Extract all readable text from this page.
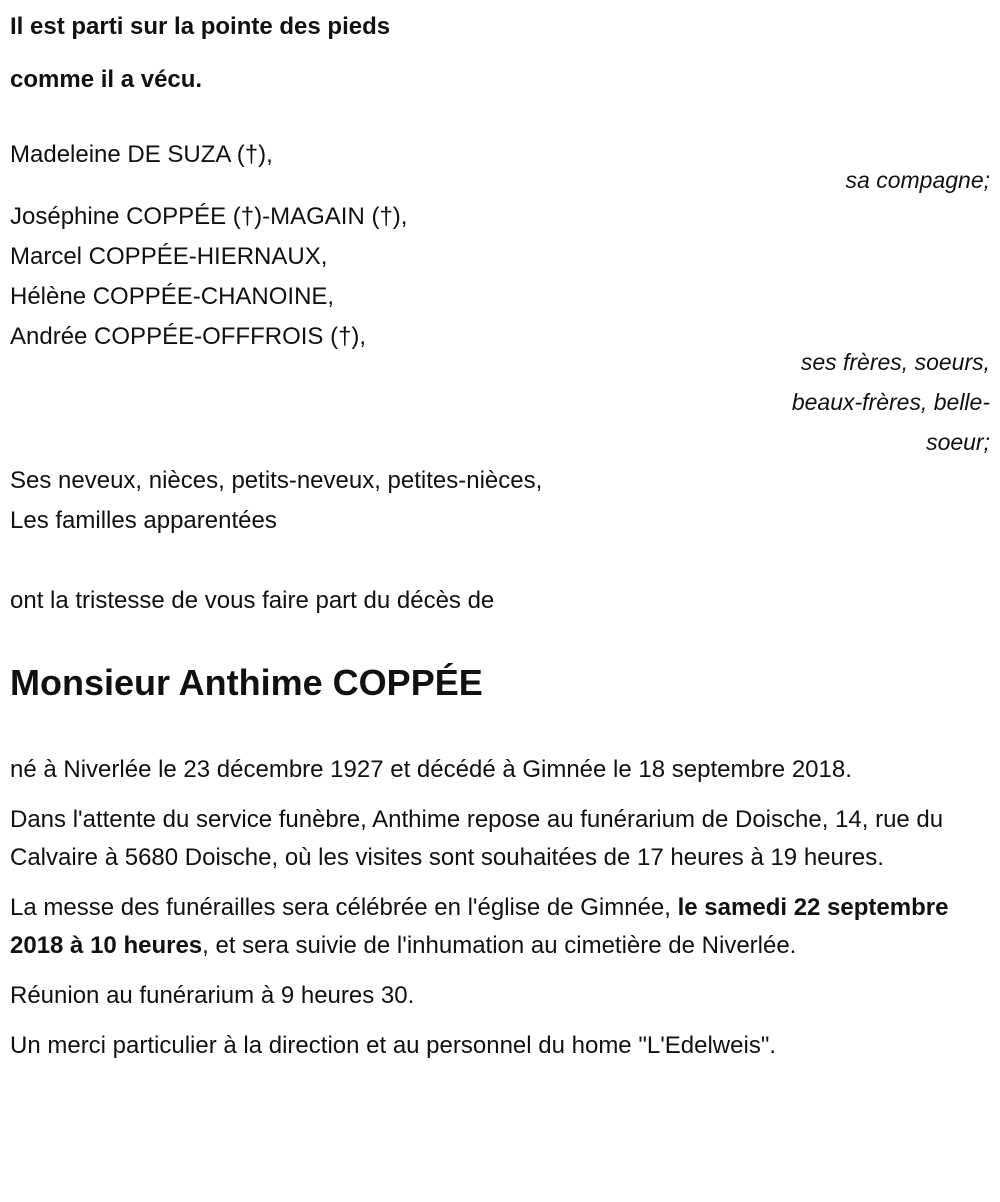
Il est parti sur la pointe des pieds
comme il a vécu.
Madeleine DE SUZA (†),
sa compagne;
Joséphine COPPÉE (†)-MAGAIN (†),
Marcel COPPÉE-HIERNAUX,
Hélène COPPÉE-CHANOINE,
Andrée COPPÉE-OFFFROIS (†),
ses frères, soeurs, beaux-frères, belle-soeur;
Ses neveux, nièces, petits-neveux, petites-nièces,
Les familles apparentées
ont la tristesse de vous faire part du décès de
Monsieur Anthime COPPÉE

né à Niverlée le 23 décembre 1927 et décédé à Gimnée le 18 septembre 2018.

Dans l'attente du service funèbre, Anthime repose au funérarium de Doische, 14, rue du Calvaire à 5680 Doische, où les visites sont souhaitées de 17 heures à 19 heures.

La messe des funérailles sera célébrée en l'église de Gimnée, le samedi 22 septembre 2018 à 10 heures, et sera suivie de l'inhumation au cimetière de Niverlée.

Réunion au funérarium à 9 heures 30.

Un merci particulier à la direction et au personnel du home "L'Edelweis".
